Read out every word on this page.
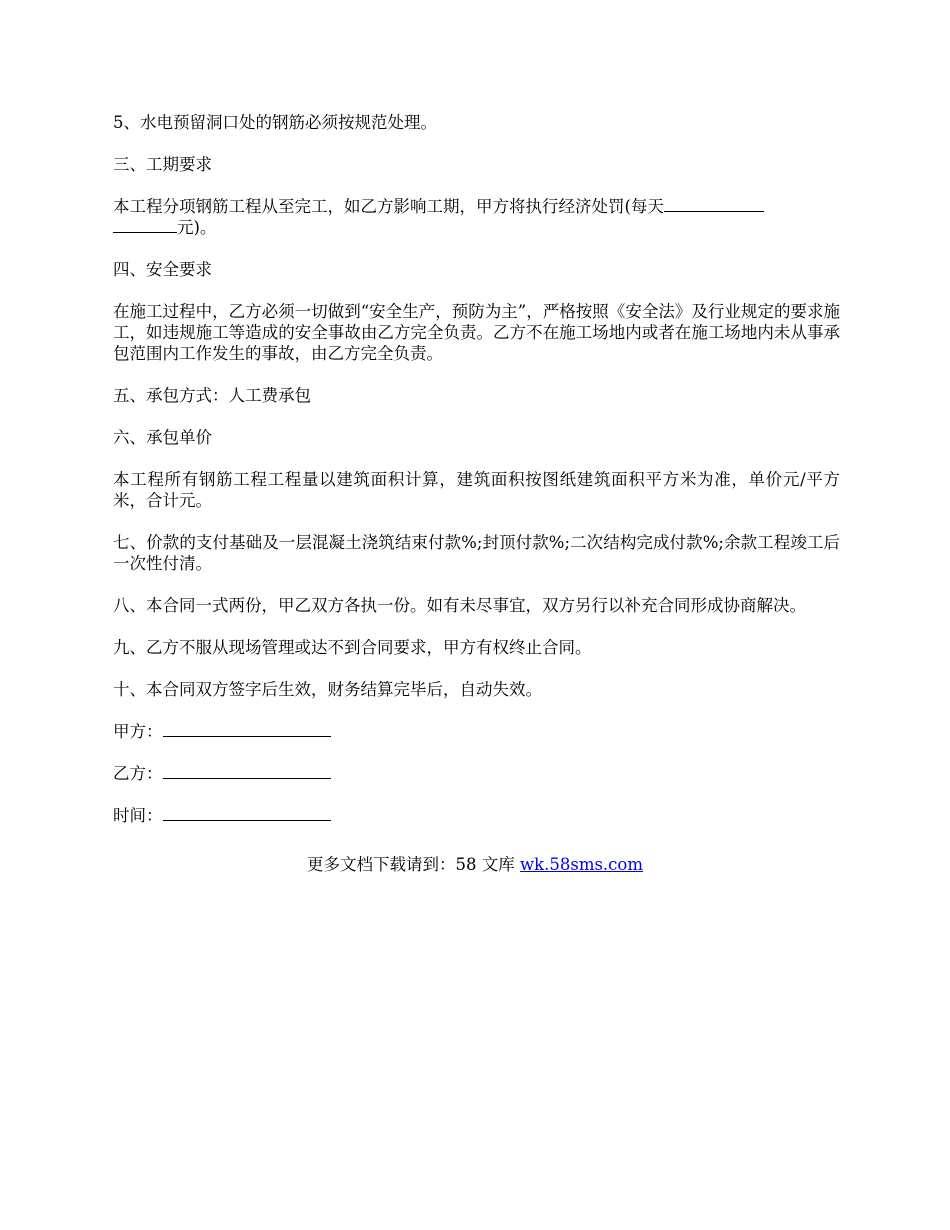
5、水电预留洞口处的钢筋必须按规范处理。

三、工期要求

本工程分项钢筋工程从至完工，如乙方影响工期，甲方将执行经济处罚(每天
元)。

四、安全要求

在施工过程中，乙方必须一切做到“安全生产，预防为主”，严格按照《安全法》及行业规定的要求施工，如违规施工等造成的安全事故由乙方完全负责。乙方不在施工场地内或者在施工场地内未从事承包范围内工作发生的事故，由乙方完全负责。

五、承包方式：人工费承包

六、承包单价

本工程所有钢筋工程工程量以建筑面积计算，建筑面积按图纸建筑面积平方米为准，单价元/平方米，合计元。

七、价款的支付基础及一层混凝土浇筑结束付款%;封顶付款%;二次结构完成付款%;余款工程竣工后一次性付清。

八、本合同一式两份，甲乙双方各执一份。如有未尽事宜，双方另行以补充合同形成协商解决。

九、乙方不服从现场管理或达不到合同要求，甲方有权终止合同。

十、本合同双方签字后生效，财务结算完毕后，自动失效。

甲方：

乙方：

时间：

更多文档下载请到：58 文库 wk.58sms.com
